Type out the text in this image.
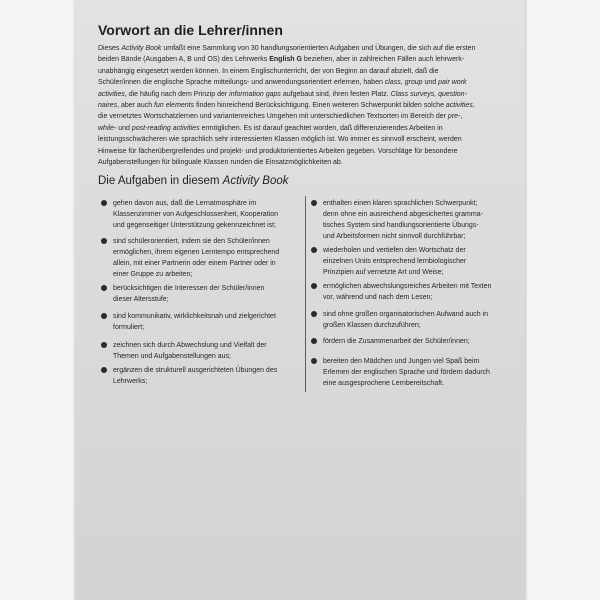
Vorwort an die Lehrer/innen
Dieses Activity Book umfaßt eine Sammlung von 30 handlungsorientierten Aufgaben und Übungen, die sich auf die ersten
beiden Bände (Ausgaben A, B und OS) des Lehrwerks English G beziehen, aber in zahlreichen Fällen auch lehrwerk-
unabhängig eingesetzt werden können. In einem Englischunterricht, der von Beginn an darauf abzielt, daß die
Schüler/innen die englische Sprache mitteilungs- und anwendungsorientiert erlernen, haben class, group und pair work
activities, die häufig nach dem Prinzip der information gaps aufgebaut sind, ihren festen Platz. Class surveys, question-
naires, aber auch fun elements finden hinreichend Berücksichtigung. Einen weiteren Schwerpunkt bilden solche activities,
die vernetztes Wortschatzlernen und variantenreiches Umgehen mit unterschiedlichen Textsorten im Bereich der pre-,
while- und post-reading activities ermöglichen. Es ist darauf geachtet worden, daß differenzierendes Arbeiten in
leistungsschwächeren wie sprachlich sehr interessierten Klassen möglich ist. Wo immer es sinnvoll erscheint, werden
Hinweise für fächerübergreifendes und projekt- und produktorientiertes Arbeiten gegeben. Vorschläge für besondere
Aufgabenstellungen für bilinguale Klassen runden die Einsatzmöglichkeiten ab.
Die Aufgaben in diesem Activity Book
gehen davon aus, daß die Lernatmosphäre im
Klassenzimmer von Aufgeschlossenheit, Kooperation
und gegenseitiger Unterstützung gekennzeichnet ist;
sind schülerorientiert, indem sie den Schüler/innen
ermöglichen, ihrem eigenen Lerntempo entsprechend
allein, mit einer Partnerin oder einem Partner oder in
einer Gruppe zu arbeiten;
berücksichtigen die Interessen der Schüler/innen
dieser Altersstufe;
sind kommunikativ, wirklichkeitsnah und zielgerichtet
formuliert;
zeichnen sich durch Abwechslung und Vielfalt der
Themen und Aufgabenstellungen aus;
ergänzen die strukturell ausgerichteten Übungen des
Lehrwerks;
enthalten einen klaren sprachlichen Schwerpunkt;
denn ohne ein ausreichend abgesichertes gramma-
tisches System sind handlungsorientierte Übungs-
und Arbeitsformen nicht sinnvoll durchführbar;
wiederholen und vertiefen den Wortschatz der
einzelnen Units entsprechend lernbiologischer
Prinzipien auf vernetzte Art und Weise;
ermöglichen abwechslungsreiches Arbeiten mit Texten
vor, während und nach dem Lesen;
sind ohne großen organisatorischen Aufwand auch in
großen Klassen durchzuführen;
fördern die Zusammenarbeit der Schüler/innen;
bereiten den Mädchen und Jungen viel Spaß beim
Erlernen der englischen Sprache und fördern dadurch
eine ausgesprochene Lernbereitschaft.
